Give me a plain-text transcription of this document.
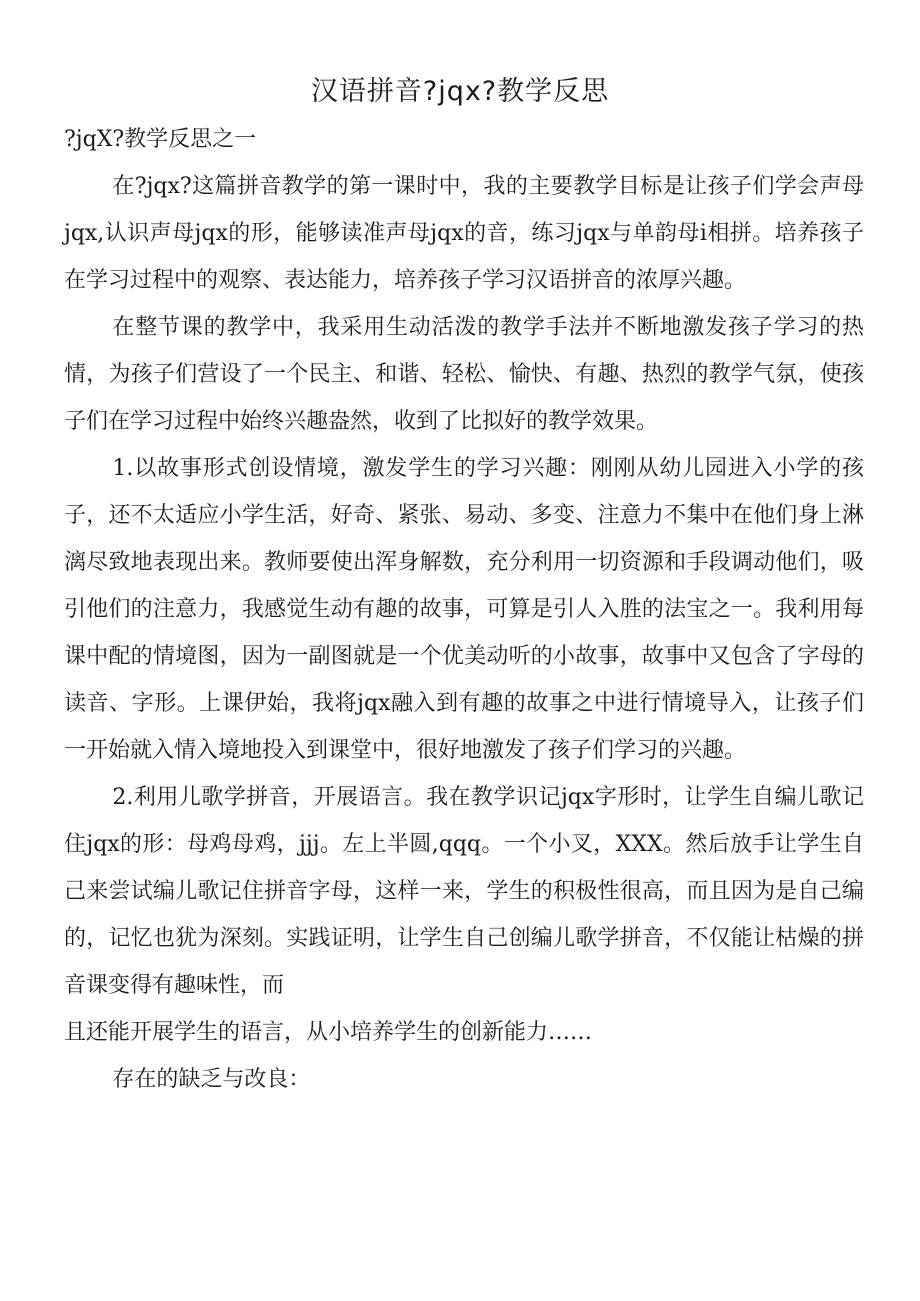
汉语拼音?jqx?教学反思

?jqX?教学反思之一

在?jqx?这篇拼音教学的第一课时中，我的主要教学目标是让孩子们学会声母jqx,认识声母jqx的形，能够读准声母jqx的音，练习jqx与单韵母i相拼。培养孩子在学习过程中的观察、表达能力，培养孩子学习汉语拼音的浓厚兴趣。

在整节课的教学中，我采用生动活泼的教学手法并不断地激发孩子学习的热情，为孩子们营设了一个民主、和谐、轻松、愉快、有趣、热烈的教学气氛，使孩子们在学习过程中始终兴趣盎然，收到了比拟好的教学效果。

1.以故事形式创设情境，激发学生的学习兴趣：刚刚从幼儿园进入小学的孩子，还不太适应小学生活，好奇、紧张、易动、多变、注意力不集中在他们身上淋漓尽致地表现出来。教师要使出浑身解数，充分利用一切资源和手段调动他们，吸引他们的注意力，我感觉生动有趣的故事，可算是引人入胜的法宝之一。我利用每课中配的情境图，因为一副图就是一个优美动听的小故事，故事中又包含了字母的读音、字形。上课伊始，我将jqx融入到有趣的故事之中进行情境导入，让孩子们一开始就入情入境地投入到课堂中，很好地激发了孩子们学习的兴趣。

2.利用儿歌学拼音，开展语言。我在教学识记jqx字形时，让学生自编儿歌记住jqx的形：母鸡母鸡，jjj。左上半圆,qqq。一个小叉，XXX。然后放手让学生自己来尝试编儿歌记住拼音字母，这样一来，学生的积极性很高，而且因为是自己编的，记忆也犹为深刻。实践证明，让学生自己创编儿歌学拼音，不仅能让枯燥的拼音课变得有趣味性，而

且还能开展学生的语言，从小培养学生的创新能力……

存在的缺乏与改良：
